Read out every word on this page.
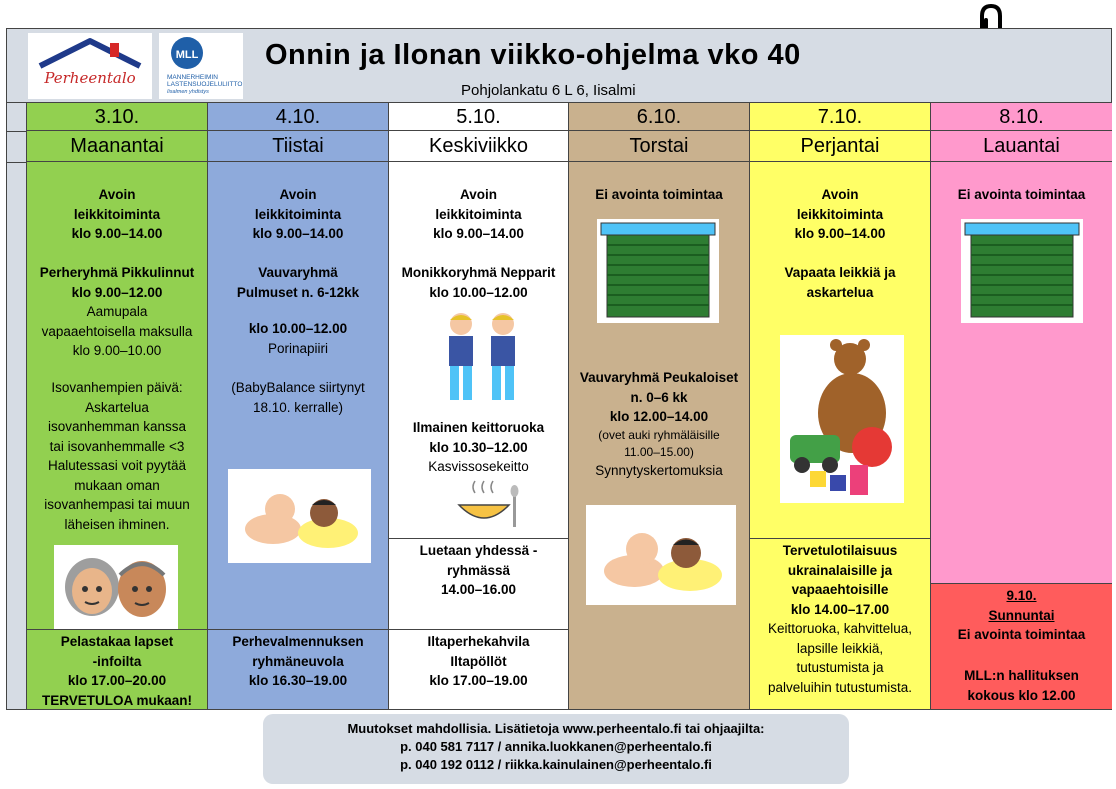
Perheentalo
MLL
MANNERHEIMIN
LASTENSUOJELULIITTO
Iisalmen yhdistys
Onnin ja Ilonan viikko-ohjelma vko 40
Pohjolankatu 6 L 6, Iisalmi
3.10.
Maanantai
Avoin
leikkitoiminta
klo 9.00–14.00
Perheryhmä Pikkulinnut
klo 9.00–12.00
Aamupala
vapaaehtoisella maksulla
klo 9.00–10.00
Isovanhempien päivä:
Askartelua
isovanhemman kanssa
tai isovanhemmalle <3
Halutessasi voit pyytää
mukaan oman
isovanhempasi tai muun
läheisen ihminen.
Pelastakaa lapset
-infoilta
klo 17.00–20.00
TERVETULOA mukaan!
4.10.
Tiistai
Avoin
leikkitoiminta
klo 9.00–14.00
Vauvaryhmä
Pulmuset n. 6-12kk
klo 10.00–12.00
Porinapiiri
(BabyBalance siirtynyt
18.10. kerralle)
Perhevalmennuksen
ryhmäneuvola
klo 16.30–19.00
5.10.
Keskiviikko
Avoin
leikkitoiminta
klo 9.00–14.00
Monikkoryhmä Nepparit
klo 10.00–12.00
Ilmainen keittoruoka
klo 10.30–12.00
Kasvissosekeitto
Luetaan yhdessä -
ryhmässä
14.00–16.00
Iltaperhekahvila
Iltapöllöt
klo 17.00–19.00
6.10.
Torstai
Ei avointa toimintaa
Vauvaryhmä Peukaloiset
n. 0–6 kk
klo 12.00–14.00
(ovet auki ryhmäläisille
11.00–15.00)
Synnytyskertomuksia
7.10.
Perjantai
Avoin
leikkitoiminta
klo 9.00–14.00
Vapaata leikkiä ja
askartelua
Tervetulotilaisuus
ukrainalaisille ja
vapaaehtoisille
klo 14.00–17.00
Keittoruoka, kahvittelua,
lapsille leikkiä,
tutustumista ja
palveluihin tutustumista.
8.10.
Lauantai
Ei avointa toimintaa
9.10.
Sunnuntai
Ei avointa toimintaa
MLL:n hallituksen
kokous klo 12.00
Muutokset mahdollisia. Lisätietoja www.perheentalo.fi tai ohjaajilta:
p. 040 581 7117 / annika.luokkanen@perheentalo.fi
p. 040 192 0112 / riikka.kainulainen@perheentalo.fi
